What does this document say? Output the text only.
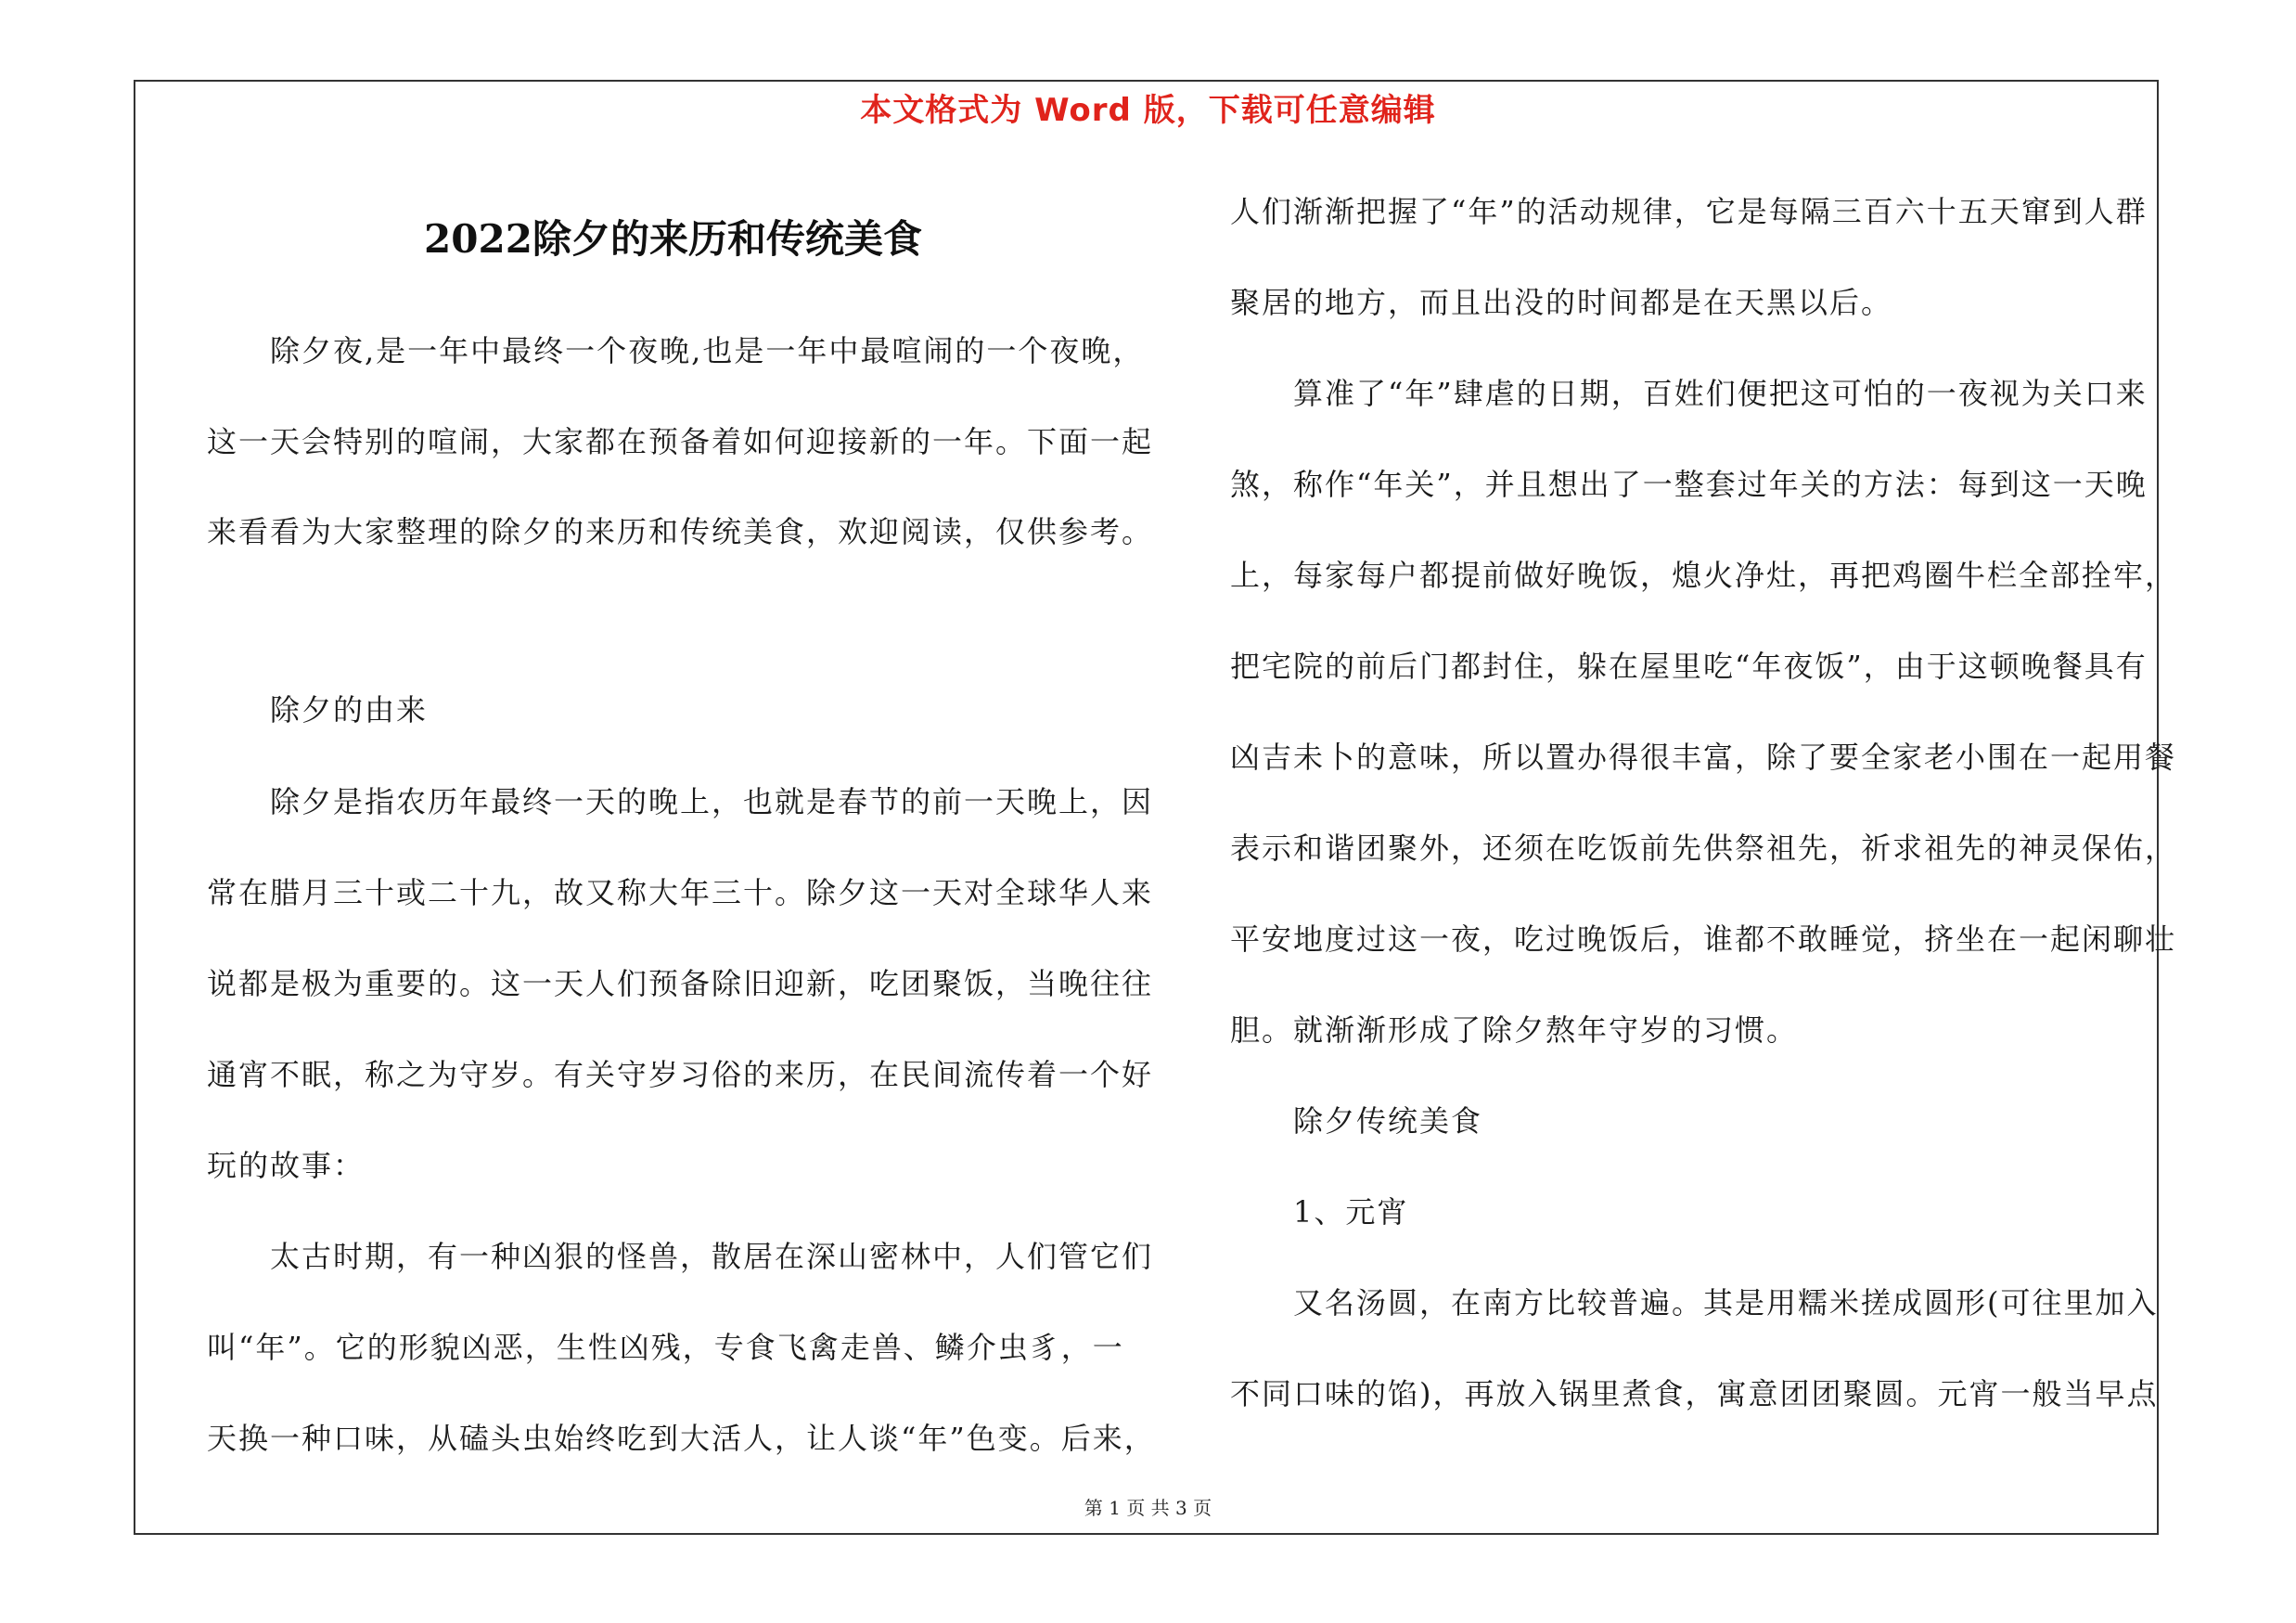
本文格式为 Word 版，下载可任意编辑
2022除夕的来历和传统美食
　　除夕夜,是一年中最终一个夜晚,也是一年中最喧闹的一个夜晚，
这一天会特别的喧闹，大家都在预备着如何迎接新的一年。下面一起
来看看为大家整理的除夕的来历和传统美食，欢迎阅读，仅供参考。
　　除夕的由来
　　除夕是指农历年最终一天的晚上，也就是春节的前一天晚上，因
常在腊月三十或二十九，故又称大年三十。除夕这一天对全球华人来
说都是极为重要的。这一天人们预备除旧迎新，吃团聚饭，当晚往往
通宵不眠，称之为守岁。有关守岁习俗的来历，在民间流传着一个好
玩的故事：
　　太古时期，有一种凶狠的怪兽，散居在深山密林中，人们管它们
叫“年”。它的形貌凶恶，生性凶残，专食飞禽走兽、鳞介虫豸，一
天换一种口味，从磕头虫始终吃到大活人，让人谈“年”色变。后来，
人们渐渐把握了“年”的活动规律，它是每隔三百六十五天窜到人群
聚居的地方，而且出没的时间都是在天黑以后。
　　算准了“年”肆虐的日期，百姓们便把这可怕的一夜视为关口来
煞，称作“年关”，并且想出了一整套过年关的方法：每到这一天晚
上，每家每户都提前做好晚饭，熄火净灶，再把鸡圈牛栏全部拴牢，
把宅院的前后门都封住，躲在屋里吃“年夜饭”，由于这顿晚餐具有
凶吉未卜的意味，所以置办得很丰富，除了要全家老小围在一起用餐
表示和谐团聚外，还须在吃饭前先供祭祖先，祈求祖先的神灵保佑，
平安地度过这一夜，吃过晚饭后，谁都不敢睡觉，挤坐在一起闲聊壮
胆。就渐渐形成了除夕熬年守岁的习惯。
　　除夕传统美食
　　1、元宵
　　又名汤圆，在南方比较普遍。其是用糯米搓成圆形(可往里加入
不同口味的馅)，再放入锅里煮食，寓意团团聚圆。元宵一般当早点
第 1 页 共 3 页
